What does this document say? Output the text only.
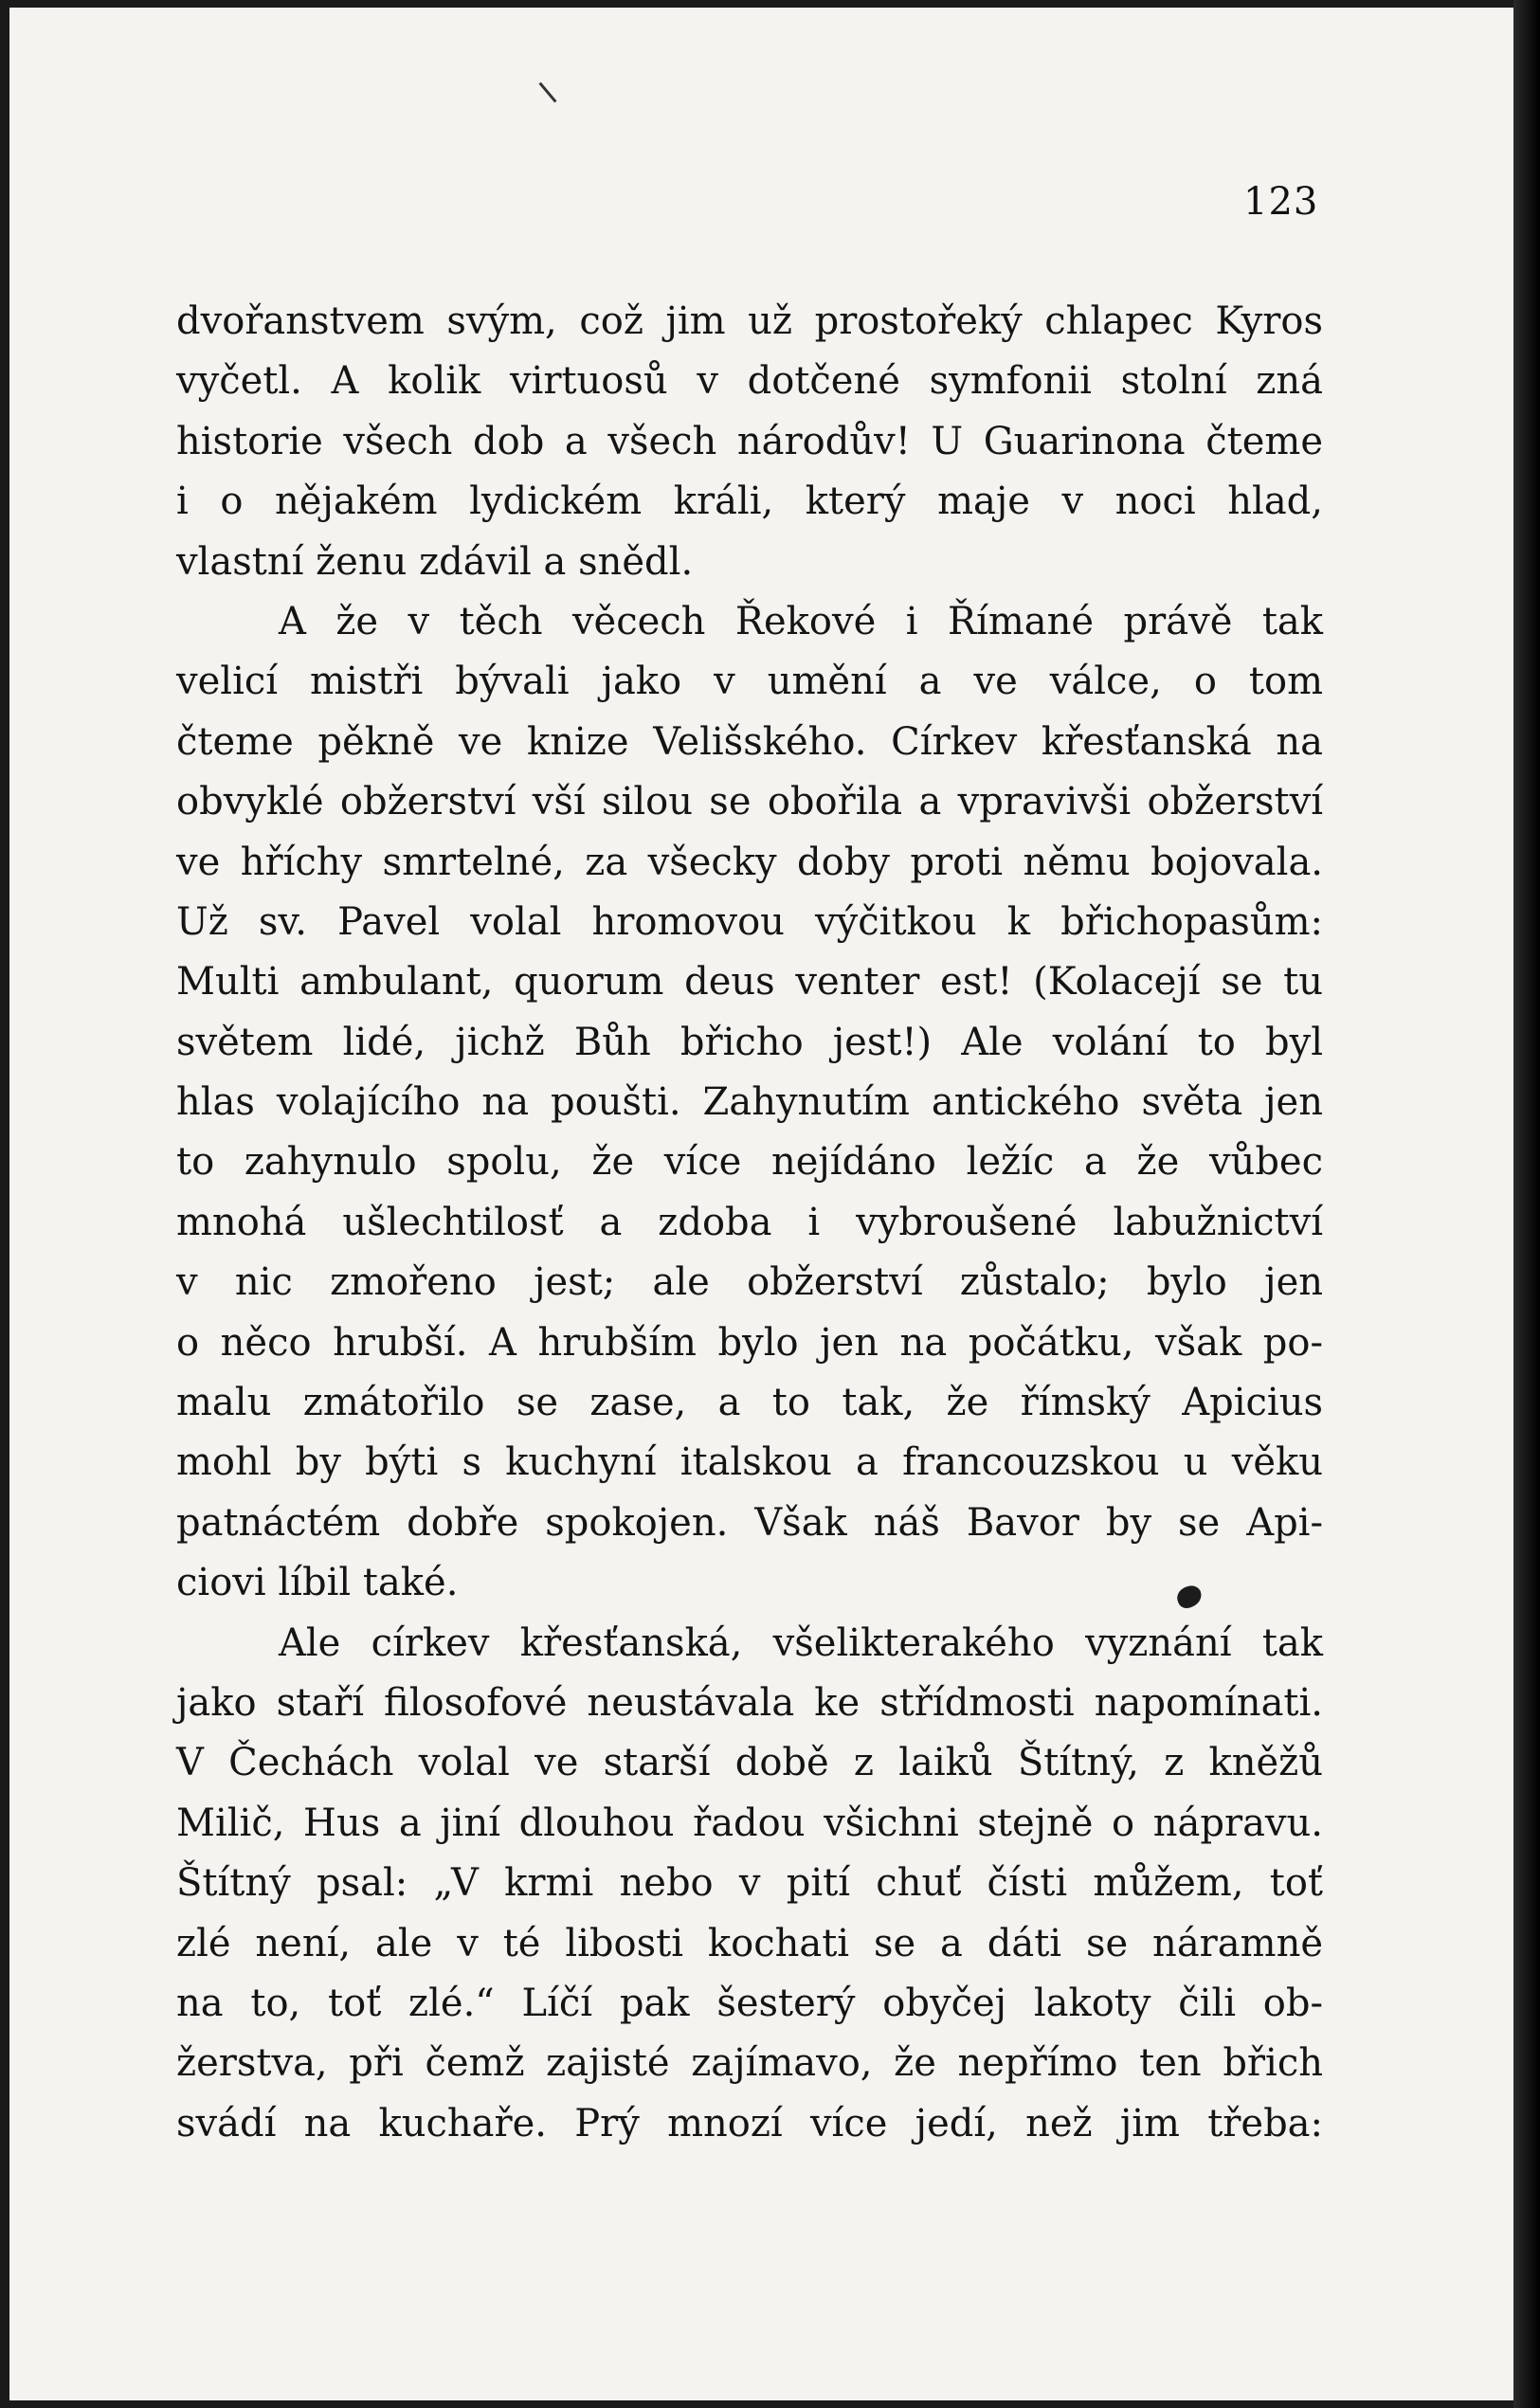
123
dvořanstvem svým, což jim už prostořeký chlapec Kyros
vyčetl. A kolik virtuosů v dotčené symfonii stolní zná
historie všech dob a všech národův! U Guarinona čteme
i o nějakém lydickém králi, který maje v noci hlad,
vlastní ženu zdávil a snědl.
A že v těch věcech Řekové i Římané právě tak
velicí mistři bývali jako v umění a ve válce, o tom
čteme pěkně ve knize Velišského. Církev křesťanská na
obvyklé obžerství vší silou se obořila a vpravivši obžerství
ve hříchy smrtelné, za všecky doby proti němu bojovala.
Už sv. Pavel volal hromovou výčitkou k břichopasům:
Multi ambulant, quorum deus venter est! (Kolacejí se tu
světem lidé, jichž Bůh břicho jest!) Ale volání to byl
hlas volajícího na poušti. Zahynutím antického světa jen
to zahynulo spolu, že více nejídáno ležíc a že vůbec
mnohá ušlechtilosť a zdoba i vybroušené labužnictví
v nic zmořeno jest; ale obžerství zůstalo; bylo jen
o něco hrubší. A hrubším bylo jen na počátku, však po-
malu zmátořilo se zase, a to tak, že římský Apicius
mohl by býti s kuchyní italskou a francouzskou u věku
patnáctém dobře spokojen. Však náš Bavor by se Api-
ciovi líbil také.
Ale církev křesťanská, všelikterakého vyznání tak
jako staří filosofové neustávala ke střídmosti napomínati.
V Čechách volal ve starší době z laiků Štítný, z kněžů
Milič, Hus a jiní dlouhou řadou všichni stejně o nápravu.
Štítný psal: „V krmi nebo v pití chuť čísti můžem, toť
zlé není, ale v té libosti kochati se a dáti se náramně
na to, toť zlé.“ Líčí pak šesterý obyčej lakoty čili ob-
žerstva, při čemž zajisté zajímavo, že nepřímo ten břich
svádí na kuchaře. Prý mnozí více jedí, než jim třeba:
